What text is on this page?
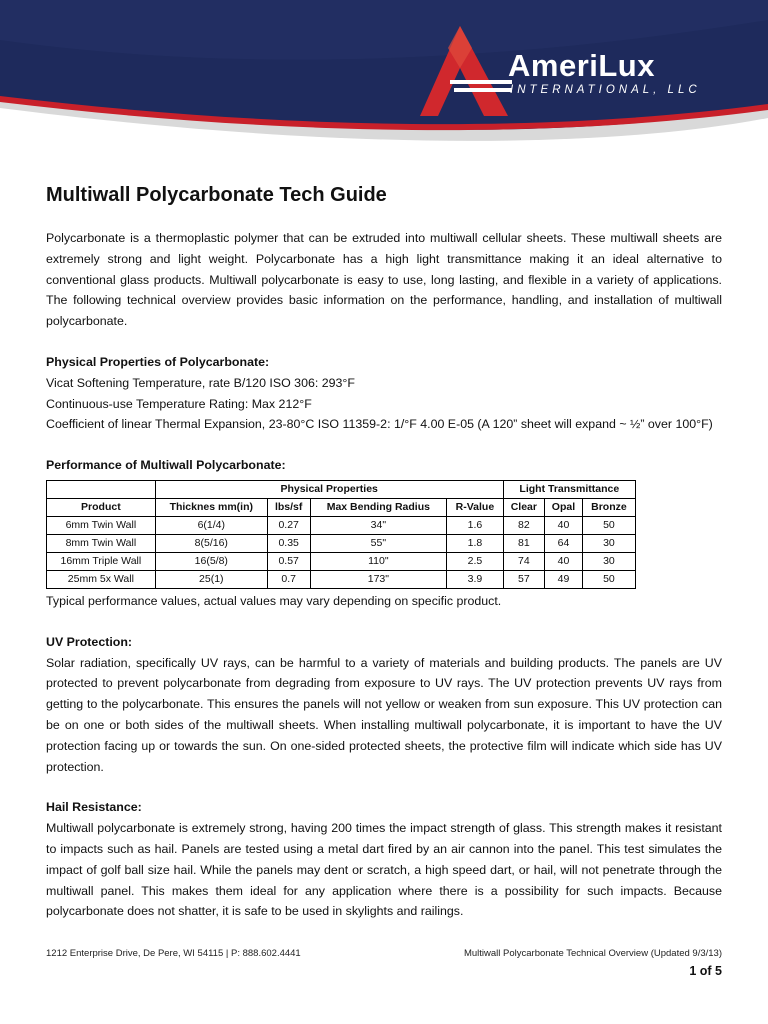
AmeriLux
INTERNATIONAL, LLC
Multiwall Polycarbonate Tech Guide

Polycarbonate is a thermoplastic polymer that can be extruded into multiwall cellular sheets. These multiwall sheets are extremely strong and light weight. Polycarbonate has a high light transmittance making it an ideal alternative to conventional glass products. Multiwall polycarbonate is easy to use, long lasting, and flexible in a variety of applications. The following technical overview provides basic information on the performance, handling, and installation of multiwall polycarbonate.

Physical Properties of Polycarbonate:
Vicat Softening Temperature, rate B/120 ISO 306: 293°F
Continuous-use Temperature Rating: Max 212°F
Coefficient of linear Thermal Expansion, 23-80°C ISO 11359-2: 1/°F 4.00 E-05 (A 120” sheet will expand ~ ½” over 100°F)
Performance of Multiwall Polycarbonate:
	Physical Properties				Light Transmittance		
Product	Thicknes mm(in)	lbs/sf	Max Bending Radius	R-Value	Clear	Opal	Bronze
6mm Twin Wall	6(1/4)	0.27	34"	1.6	82	40	50
8mm Twin Wall	8(5/16)	0.35	55"	1.8	81	64	30
16mm Triple Wall	16(5/8)	0.57	110"	2.5	74	40	30
25mm 5x Wall	25(1)	0.7	173"	3.9	57	49	50
Typical performance values, actual values may vary depending on specific product.
UV Protection:

Solar radiation, specifically UV rays, can be harmful to a variety of materials and building products. The panels are UV protected to prevent polycarbonate from degrading from exposure to UV rays. The UV protection prevents UV rays from getting to the polycarbonate. This ensures the panels will not yellow or weaken from sun exposure. This UV protection can be on one or both sides of the multiwall sheets. When installing multiwall polycarbonate, it is important to have the UV protection facing up or towards the sun. On one-sided protected sheets, the protective film will indicate which side has UV protection.

Hail Resistance:

Multiwall polycarbonate is extremely strong, having 200 times the impact strength of glass. This strength makes it resistant to impacts such as hail. Panels are tested using a metal dart fired by an air cannon into the panel. This test simulates the impact of golf ball size hail. While the panels may dent or scratch, a high speed dart, or hail, will not penetrate through the multiwall panel. This makes them ideal for any application where there is a possibility for such impacts. Because polycarbonate does not shatter, it is safe to be used in skylights and railings.

1212 Enterprise Drive, De Pere, WI 54115 | P: 888.602.4441	Multiwall Polycarbonate Technical Overview (Updated 9/3/13)
1 of 5
